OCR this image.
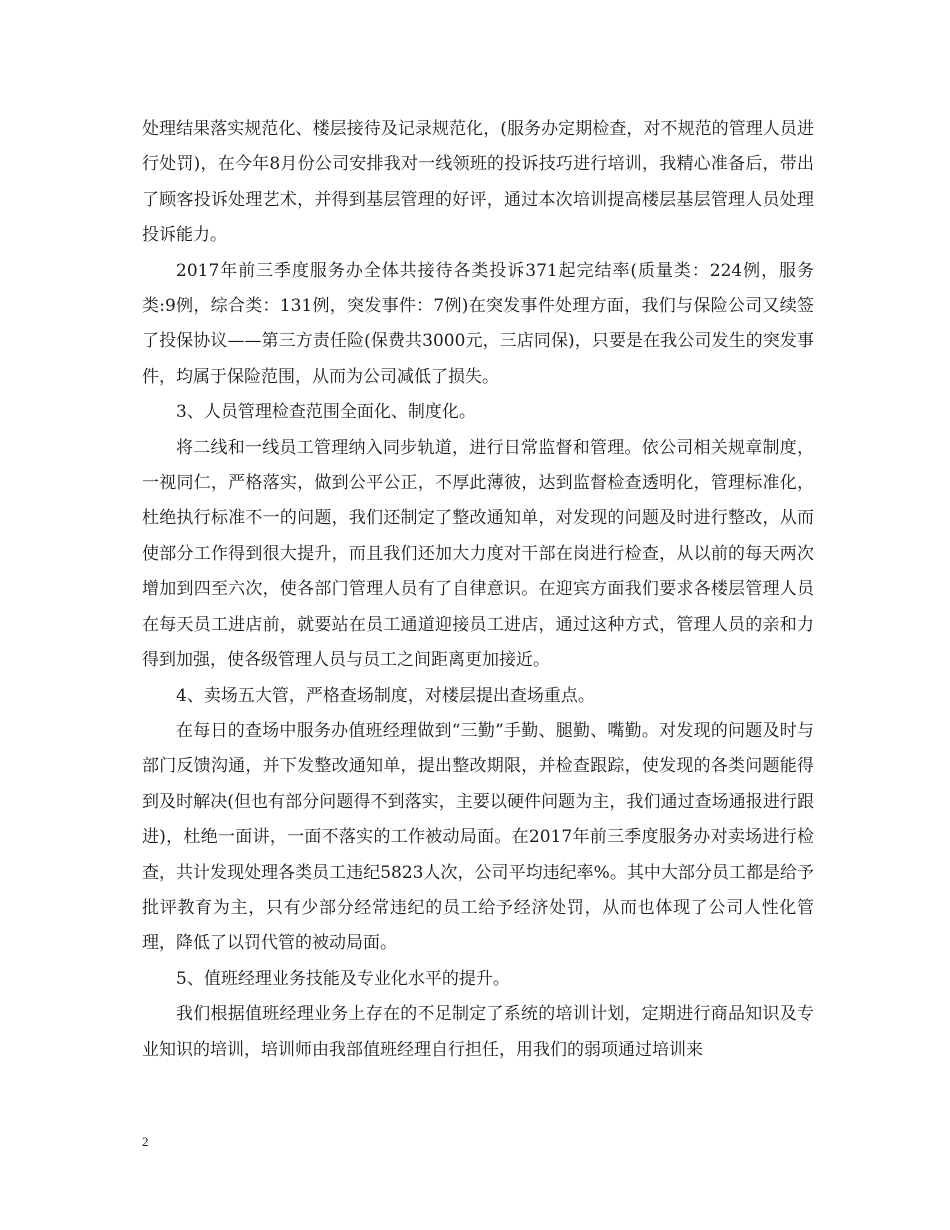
处理结果落实规范化、楼层接待及记录规范化，(服务办定期检查，对不规范的管理人员进行处罚)，在今年8月份公司安排我对一线领班的投诉技巧进行培训，我精心准备后，带出了顾客投诉处理艺术，并得到基层管理的好评，通过本次培训提高楼层基层管理人员处理投诉能力。

2017年前三季度服务办全体共接待各类投诉371起完结率(质量类：224例，服务类:9例，综合类：131例，突发事件：7例)在突发事件处理方面，我们与保险公司又续签了投保协议——第三方责任险(保费共3000元，三店同保)，只要是在我公司发生的突发事件，均属于保险范围，从而为公司减低了损失。

3、人员管理检查范围全面化、制度化。

将二线和一线员工管理纳入同步轨道，进行日常监督和管理。依公司相关规章制度，一视同仁，严格落实，做到公平公正，不厚此薄彼，达到监督检查透明化，管理标准化，杜绝执行标准不一的问题，我们还制定了整改通知单，对发现的问题及时进行整改，从而使部分工作得到很大提升，而且我们还加大力度对干部在岗进行检查，从以前的每天两次增加到四至六次，使各部门管理人员有了自律意识。在迎宾方面我们要求各楼层管理人员在每天员工进店前，就要站在员工通道迎接员工进店，通过这种方式，管理人员的亲和力得到加强，使各级管理人员与员工之间距离更加接近。

4、卖场五大管，严格查场制度，对楼层提出查场重点。

在每日的查场中服务办值班经理做到“三勤”手勤、腿勤、嘴勤。对发现的问题及时与部门反馈沟通，并下发整改通知单，提出整改期限，并检查跟踪，使发现的各类问题能得到及时解决(但也有部分问题得不到落实，主要以硬件问题为主，我们通过查场通报进行跟进)，杜绝一面讲，一面不落实的工作被动局面。在2017年前三季度服务办对卖场进行检查，共计发现处理各类员工违纪5823人次，公司平均违纪率%。其中大部分员工都是给予批评教育为主，只有少部分经常违纪的员工给予经济处罚，从而也体现了公司人性化管理，降低了以罚代管的被动局面。

5、值班经理业务技能及专业化水平的提升。

我们根据值班经理业务上存在的不足制定了系统的培训计划，定期进行商品知识及专业知识的培训，培训师由我部值班经理自行担任，用我们的弱项通过培训来

2
